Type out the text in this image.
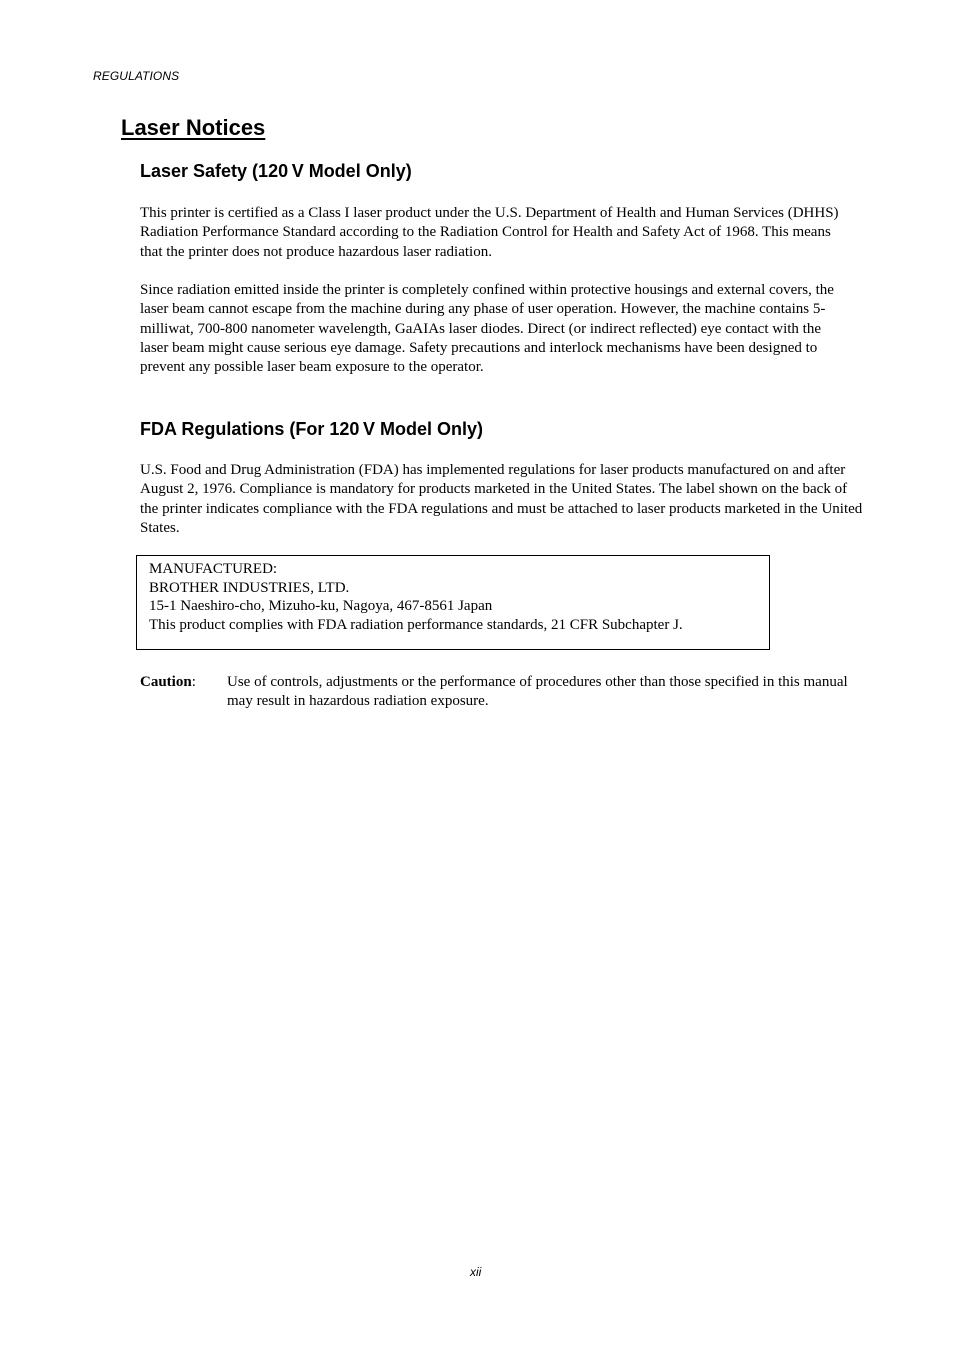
REGULATIONS
Laser Notices
Laser Safety (120 V Model Only)

This printer is certified as a Class I laser product under the U.S. Department of Health and Human Services (DHHS) Radiation Performance Standard according to the Radiation Control for Health and Safety Act of 1968. This means that the printer does not produce hazardous laser radiation.

Since radiation emitted inside the printer is completely confined within protective housings and external covers, the laser beam cannot escape from the machine during any phase of user operation. However, the machine contains 5-milliwat, 700-800 nanometer wavelength, GaAIAs laser diodes. Direct (or indirect reflected) eye contact with the laser beam might cause serious eye damage. Safety precautions and interlock mechanisms have been designed to prevent any possible laser beam exposure to the operator.

FDA Regulations (For 120 V Model Only)

U.S. Food and Drug Administration (FDA) has implemented regulations for laser products manufactured on and after August 2, 1976. Compliance is mandatory for products marketed in the United States. The label shown on the back of the printer indicates compliance with the FDA regulations and must be attached to laser products marketed in the United States.

MANUFACTURED:
BROTHER INDUSTRIES, LTD.
15-1 Naeshiro-cho, Mizuho-ku, Nagoya, 467-8561 Japan
This product complies with FDA radiation performance standards, 21 CFR Subchapter J.
Caution: Use of controls, adjustments or the performance of procedures other than those specified in this manual may result in hazardous radiation exposure.
xii
